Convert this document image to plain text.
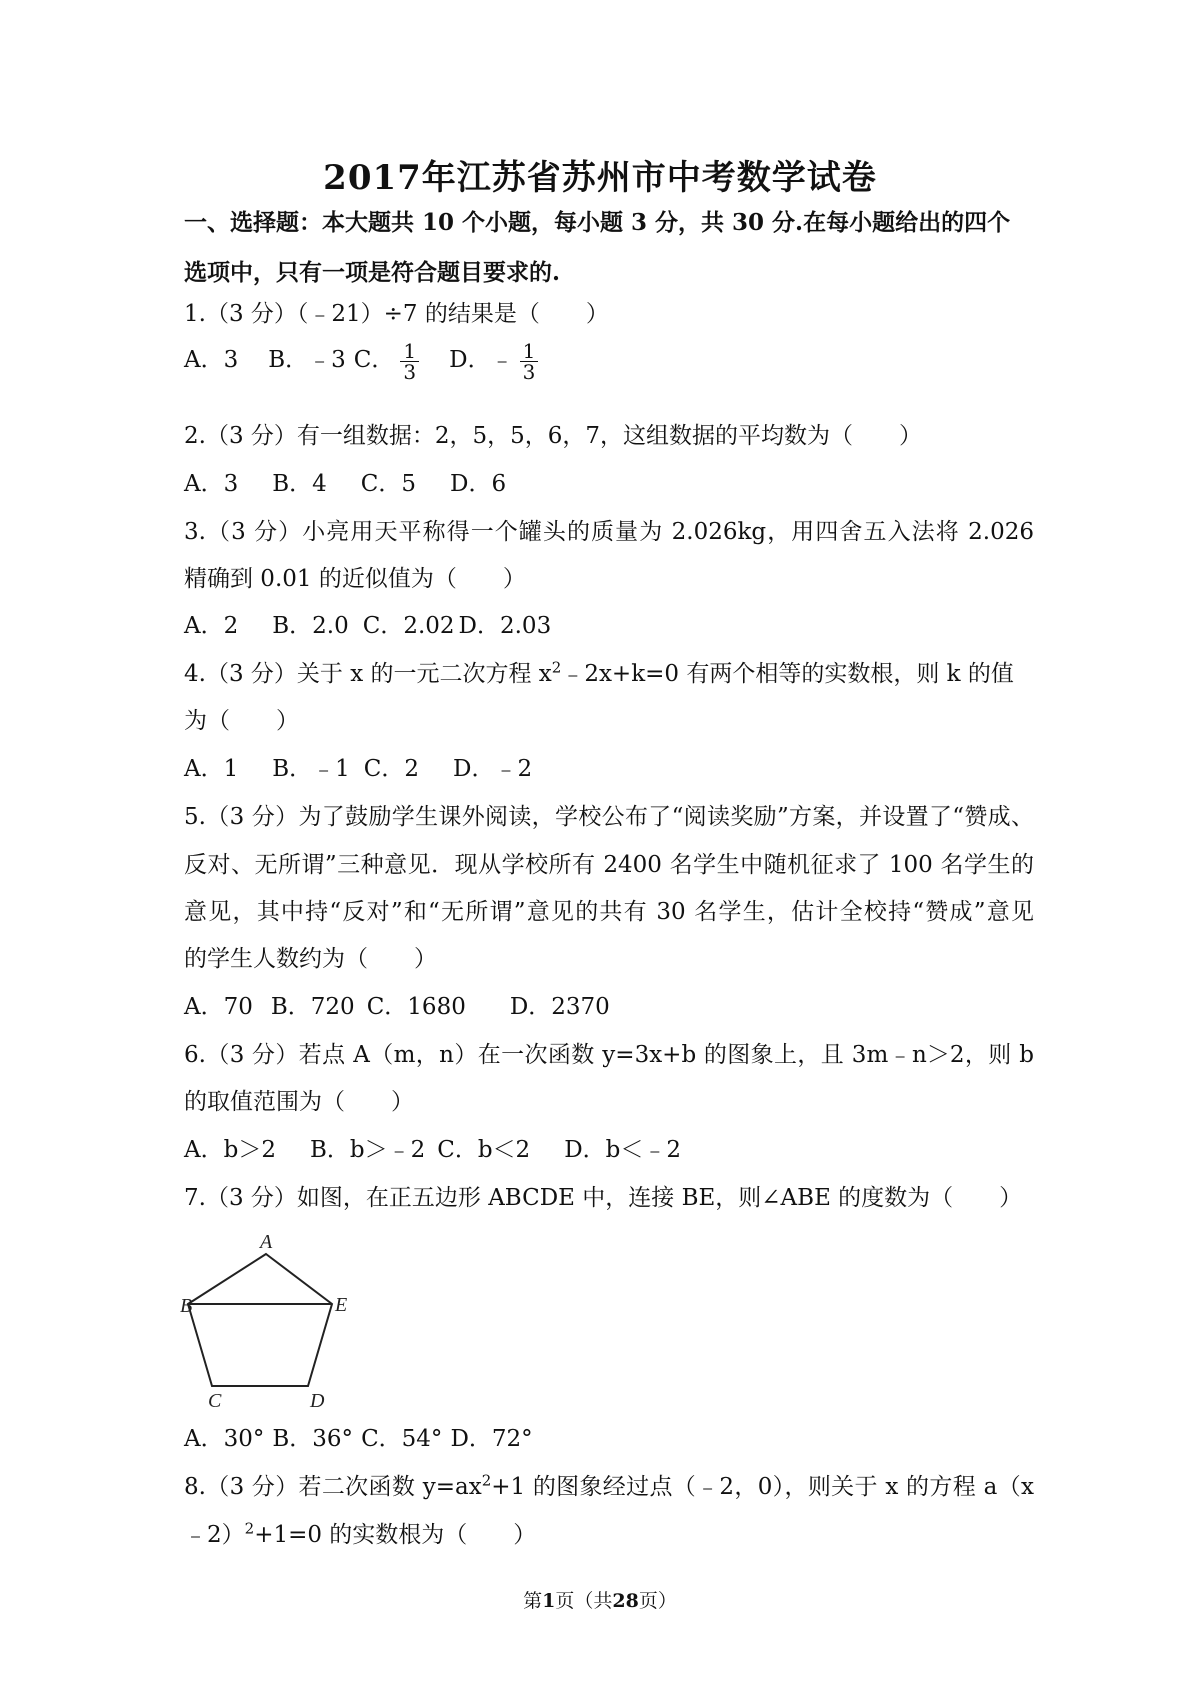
2017年江苏省苏州市中考数学试卷
一、选择题：本大题共 10 个小题，每小题 3 分，共 30 分.在每小题给出的四个
选项中，只有一项是符合题目要求的.
1.（3 分）（﹣21）÷7 的结果是（　　）
A．3 B．﹣3 C． $\frac{1}{3}$ D．﹣ $\frac{1}{3}$
2.（3 分）有一组数据：2，5，5，6，7，这组数据的平均数为（　　）
A．3 B．4 C．5 D．6
3.（3 分）小亮用天平称得一个罐头的质量为 2.026kg，用四舍五入法将 2.026
精确到 0.01 的近似值为（　　）
A．2 B．2.0 C．2.02 D．2.03
4.（3 分）关于 x 的一元二次方程 $x^2﹣2x+k=0$ 有两个相等的实数根，则 k 的值
为（　　）
A．1 B．﹣1 C．2 D．﹣2
5.（3 分）为了鼓励学生课外阅读，学校公布了“阅读奖励”方案，并设置了“赞成、
反对、无所谓”三种意见．现从学校所有 2400 名学生中随机征求了 100 名学生的
意见，其中持“反对”和“无所谓”意见的共有 30 名学生，估计全校持“赞成”意见
的学生人数约为（　　）
A．70 B．720 C．1680 D．2370
6.（3 分）若点 A（m，n）在一次函数 y=3x+b 的图象上，且 3m﹣n＞2，则 b
的取值范围为（　　）
A．b＞2 B．b＞﹣2 C．b＜2 D．b＜﹣2
7.（3 分）如图，在正五边形 ABCDE 中，连接 BE，则∠ABE 的度数为（　　）
A
B	E
C	D
A．30° B．36° C．54° D．72°
8.（3 分）若二次函数 $y=ax^2+1$ 的图象经过点（﹣2，0），则关于 x 的方程 a（x
﹣2）$^2$+1=0 的实数根为（　　）
第1页（共28页）
